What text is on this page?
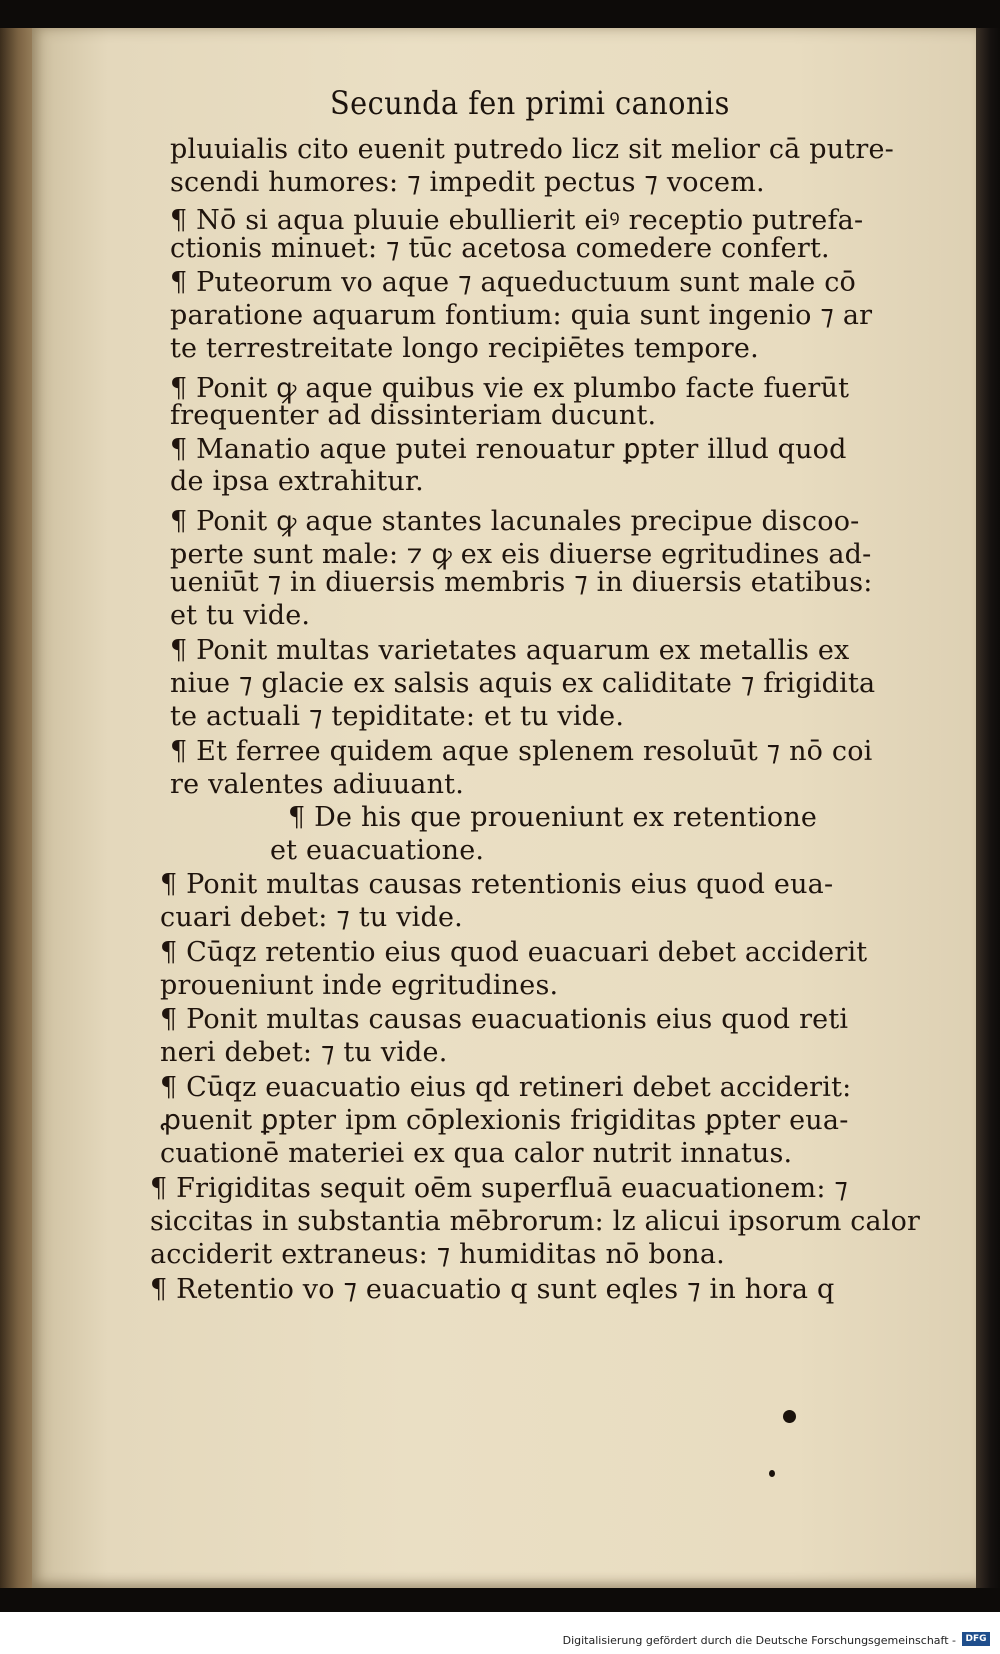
Secunda fen primi canonis
pluuialis cito euenit putredo licz sit melior cā putre-
scendi humores: ⁊ impedit pectus ⁊ vocem.
¶ Nō si aqua pluuie ebullierit eiꝰ receptio putrefa-
ctionis minuet: ⁊ tūc acetosa comedere confert.
¶ Puteorum vo aque ⁊ aqueductuum sunt male cō
paratione aquarum fontium: quia sunt ingenio ⁊ ar
te terrestreitate longo recipiētes tempore.
¶ Ponit ꝙ aque quibus vie ex plumbo facte fuerūt
frequenter ad dissinteriam ducunt.
¶ Manatio aque putei renouatur ꝑpter illud quod
de ipsa extrahitur.
¶ Ponit ꝙ aque stantes lacunales precipue discoo-
perte sunt male: ⁊ ꝙ ex eis diuerse egritudines ad-
ueniūt ⁊ in diuersis membris ⁊ in diuersis etatibus:
et tu vide.
¶ Ponit multas varietates aquarum ex metallis ex
niue ⁊ glacie ex salsis aquis ex caliditate ⁊ frigidita
te actuali ⁊ tepiditate: et tu vide.
¶ Et ferree quidem aque splenem resoluūt ⁊ nō coi
re valentes adiuuant.
¶ De his que proueniunt ex retentione
et euacuatione.
¶ Ponit multas causas retentionis eius quod eua-
cuari debet: ⁊ tu vide.
¶ Cūqz retentio eius quod euacuari debet acciderit
proueniunt inde egritudines.
¶ Ponit multas causas euacuationis eius quod reti
neri debet: ⁊ tu vide.
¶ Cūqz euacuatio eius qd retineri debet acciderit:
ꝓuenit ꝑpter ipm cōplexionis frigiditas ꝑpter eua-
cuationē materiei ex qua calor nutrit innatus.
¶ Frigiditas sequit oēm superfluā euacuationem: ⁊
siccitas in substantia mēbrorum: lz alicui ipsorum calor
acciderit extraneus: ⁊ humiditas nō bona.
¶ Retentio vo ⁊ euacuatio q sunt eqles ⁊ in hora q
Digitalisierung gefördert durch die Deutsche Forschungsgemeinschaft -	DFG
